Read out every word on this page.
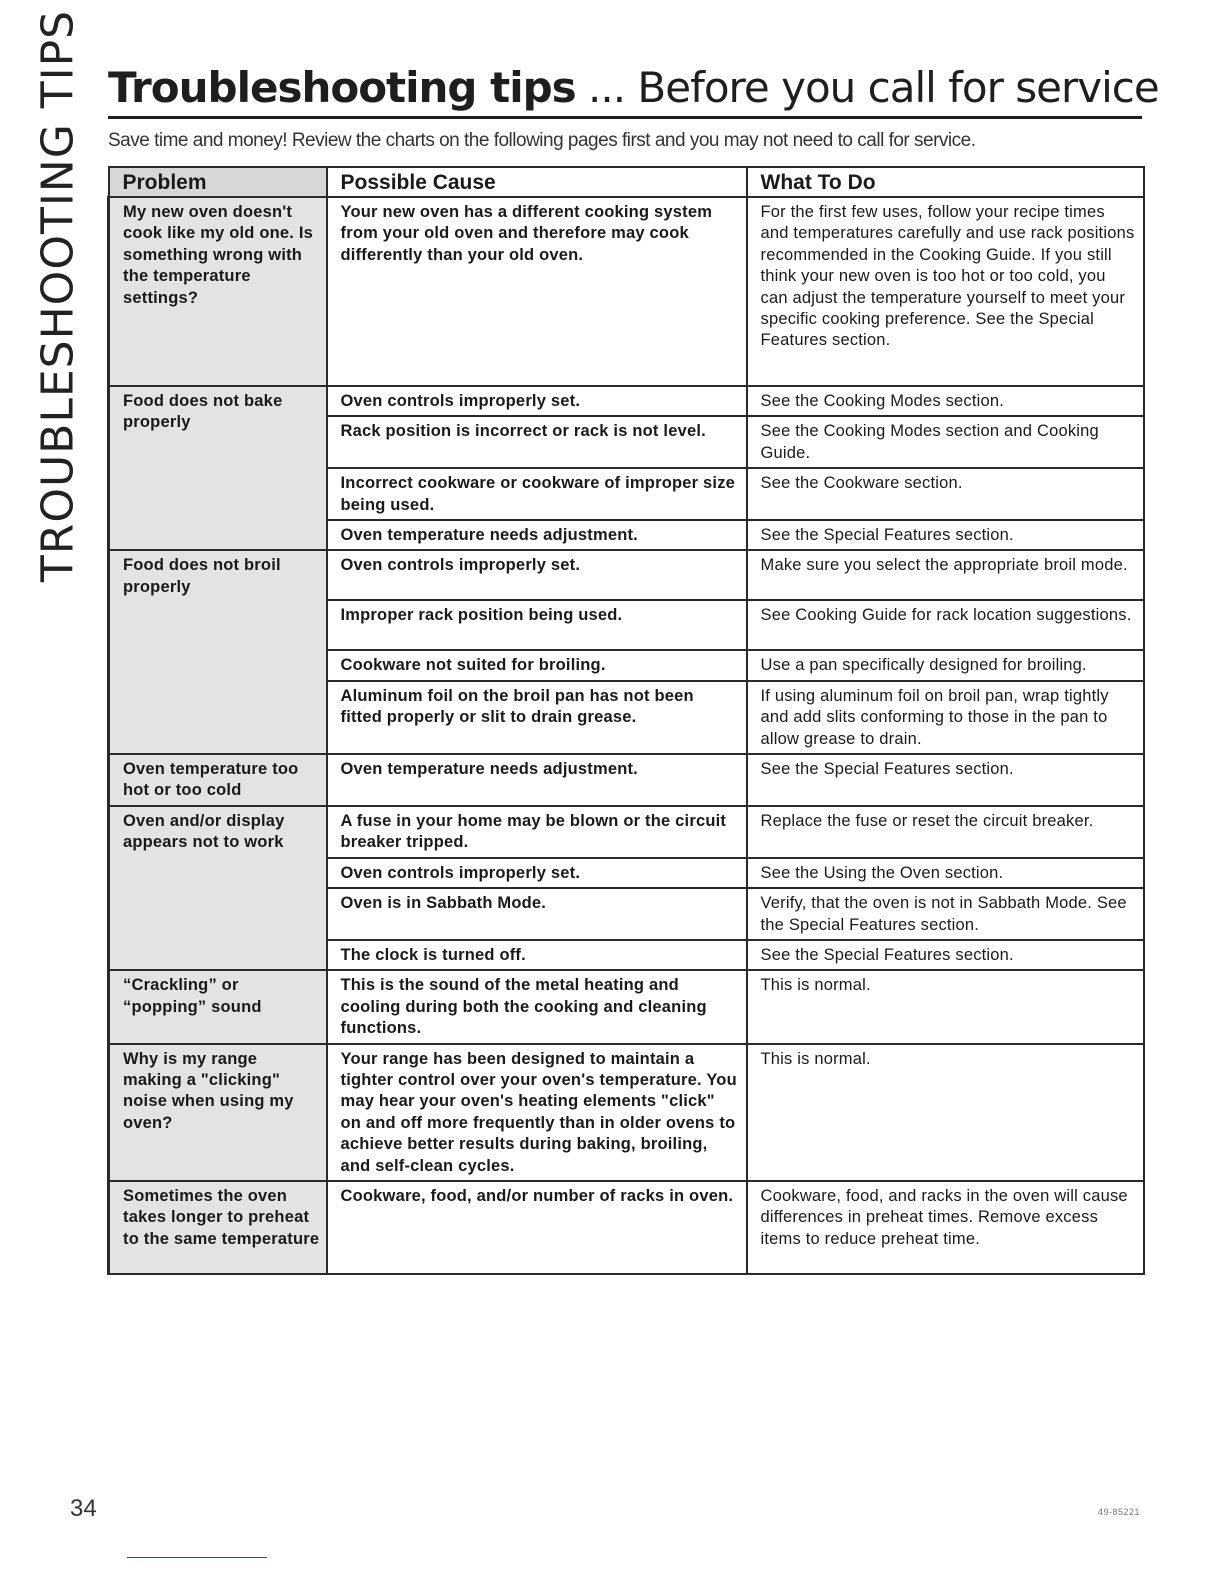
TROUBLESHOOTING TIPS Troubleshooting tips ... Before you call for service
Save time and money! Review the charts on the following pages first and you may not need to call for service.
Problem	Possible Cause	What To Do
My new oven doesn't cook like my old one. Is something wrong with the temperature settings?	Your new oven has a different cooking system from your old oven and therefore may cook differently than your old oven.	For the first few uses, follow your recipe times and temperatures carefully and use rack positions recommended in the Cooking Guide. If you still think your new oven is too hot or too cold, you can adjust the temperature yourself to meet your specific cooking preference. See the Special Features section.
Food does not bake properly	Oven controls improperly set.	See the Cooking Modes section.
	Rack position is incorrect or rack is not level.	See the Cooking Modes section and Cooking Guide.
	Incorrect cookware or cookware of improper size being used.	See the Cookware section.
	Oven temperature needs adjustment.	See the Special Features section.
Food does not broil properly	Oven controls improperly set.	Make sure you select the appropriate broil mode.
	Improper rack position being used.	See Cooking Guide for rack location suggestions.
	Cookware not suited for broiling.	Use a pan specifically designed for broiling.
	Aluminum foil on the broil pan has not been fitted properly or slit to drain grease.	If using aluminum foil on broil pan, wrap tightly and add slits conforming to those in the pan to allow grease to drain.
Oven temperature too hot or too cold	Oven temperature needs adjustment.	See the Special Features section.
Oven and/or display appears not to work	A fuse in your home may be blown or the circuit breaker tripped.	Replace the fuse or reset the circuit breaker.
	Oven controls improperly set.	See the Using the Oven section.
	Oven is in Sabbath Mode.	Verify, that the oven is not in Sabbath Mode. See the Special Features section.
	The clock is turned off.	See the Special Features section.
“Crackling” or “popping” sound	This is the sound of the metal heating and cooling during both the cooking and cleaning functions.	This is normal.
Why is my range making a "clicking" noise when using my oven?	Your range has been designed to maintain a tighter control over your oven's temperature. You may hear your oven's heating elements "click" on and off more frequently than in older ovens to achieve better results during baking, broiling, and self-clean cycles.	This is normal.
Sometimes the oven takes longer to preheat to the same temperature	Cookware, food, and/or number of racks in oven.	Cookware, food, and racks in the oven will cause differences in preheat times. Remove excess items to reduce preheat time.
34	49-85221
